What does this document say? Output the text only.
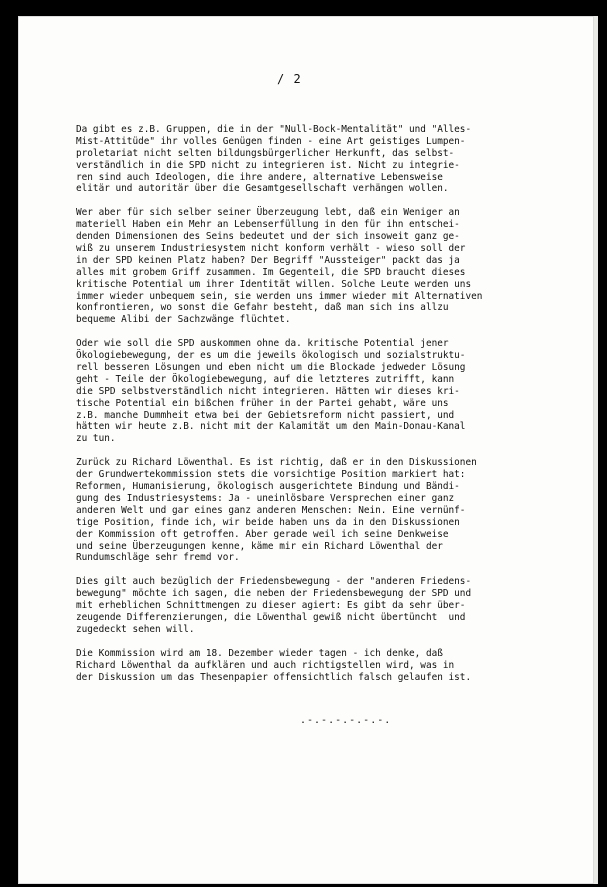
/ 2
Da gibt es z.B. Gruppen, die in der "Null-Bock-Mentalität" und "Alles-
Mist-Attitüde" ihr volles Genügen finden - eine Art geistiges Lumpen-
proletariat nicht selten bildungsbürgerlicher Herkunft, das selbst-
verständlich in die SPD nicht zu integrieren ist. Nicht zu integrie-
ren sind auch Ideologen, die ihre andere, alternative Lebensweise
elitär und autoritär über die Gesamtgesellschaft verhängen wollen.
Wer aber für sich selber seiner Überzeugung lebt, daß ein Weniger an
materiell Haben ein Mehr an Lebenserfüllung in den für ihn entschei-
denden Dimensionen des Seins bedeutet und der sich insoweit ganz ge-
wiß zu unserem Industriesystem nicht konform verhält - wieso soll der
in der SPD keinen Platz haben? Der Begriff "Aussteiger" packt das ja
alles mit grobem Griff zusammen. Im Gegenteil, die SPD braucht dieses
kritische Potential um ihrer Identität willen. Solche Leute werden uns
immer wieder unbequem sein, sie werden uns immer wieder mit Alternativen
konfrontieren, wo sonst die Gefahr besteht, daß man sich ins allzu
bequeme Alibi der Sachzwänge flüchtet.
Oder wie soll die SPD auskommen ohne da. kritische Potential jener
Ökologiebewegung, der es um die jeweils ökologisch und sozialstruktu-
rell besseren Lösungen und eben nicht um die Blockade jedweder Lösung
geht - Teile der Ökologiebewegung, auf die letzteres zutrifft, kann
die SPD selbstverständlich nicht integrieren. Hätten wir dieses kri-
tische Potential ein bißchen früher in der Partei gehabt, wäre uns
z.B. manche Dummheit etwa bei der Gebietsreform nicht passiert, und
hätten wir heute z.B. nicht mit der Kalamität um den Main-Donau-Kanal
zu tun.
Zurück zu Richard Löwenthal. Es ist richtig, daß er in den Diskussionen
der Grundwertekommission stets die vorsichtige Position markiert hat:
Reformen, Humanisierung, ökologisch ausgerichtete Bindung und Bändi-
gung des Industriesystems: Ja - uneinlösbare Versprechen einer ganz
anderen Welt und gar eines ganz anderen Menschen: Nein. Eine vernünf-
tige Position, finde ich, wir beide haben uns da in den Diskussionen
der Kommission oft getroffen. Aber gerade weil ich seine Denkweise
und seine Überzeugungen kenne, käme mir ein Richard Löwenthal der
Rundumschläge sehr fremd vor.
Dies gilt auch bezüglich der Friedensbewegung - der "anderen Friedens-
bewegung" möchte ich sagen, die neben der Friedensbewegung der SPD und
mit erheblichen Schnittmengen zu dieser agiert: Es gibt da sehr über-
zeugende Differenzierungen, die Löwenthal gewiß nicht übertüncht  und
zugedeckt sehen will.
Die Kommission wird am 18. Dezember wieder tagen - ich denke, daß
Richard Löwenthal da aufklären und auch richtigstellen wird, was in
der Diskussion um das Thesenpapier offensichtlich falsch gelaufen ist.
.-.-.-.-.-.-.
